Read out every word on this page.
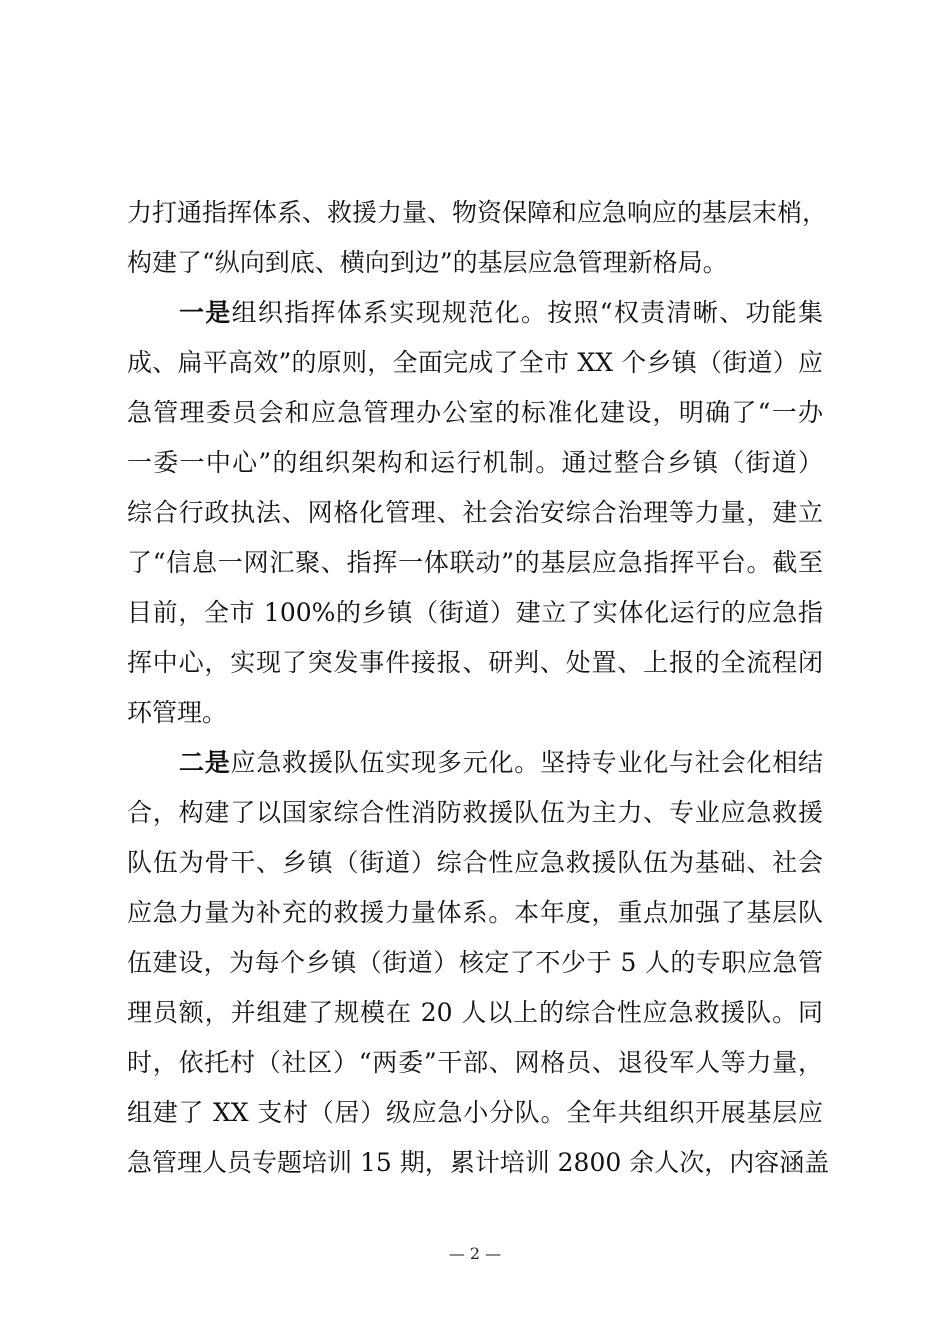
力打通指挥体系、救援力量、物资保障和应急响应的基层末梢，
构建了“纵向到底、横向到边”的基层应急管理新格局。
一是组织指挥体系实现规范化。按照“权责清晰、功能集
成、扁平高效”的原则，全面完成了全市 XX 个乡镇（街道）应
急管理委员会和应急管理办公室的标准化建设，明确了“一办
一委一中心”的组织架构和运行机制。通过整合乡镇（街道）
综合行政执法、网格化管理、社会治安综合治理等力量，建立
了“信息一网汇聚、指挥一体联动”的基层应急指挥平台。截至
目前，全市 100%的乡镇（街道）建立了实体化运行的应急指
挥中心，实现了突发事件接报、研判、处置、上报的全流程闭
环管理。
二是应急救援队伍实现多元化。坚持专业化与社会化相结
合，构建了以国家综合性消防救援队伍为主力、专业应急救援
队伍为骨干、乡镇（街道）综合性应急救援队伍为基础、社会
应急力量为补充的救援力量体系。本年度，重点加强了基层队
伍建设，为每个乡镇（街道）核定了不少于 5 人的专职应急管
理员额，并组建了规模在 20 人以上的综合性应急救援队。同
时，依托村（社区）“两委”干部、网格员、退役军人等力量，
组建了 XX 支村（居）级应急小分队。全年共组织开展基层应
急管理人员专题培训 15 期，累计培训 2800 余人次，内容涵盖
— 2 —
